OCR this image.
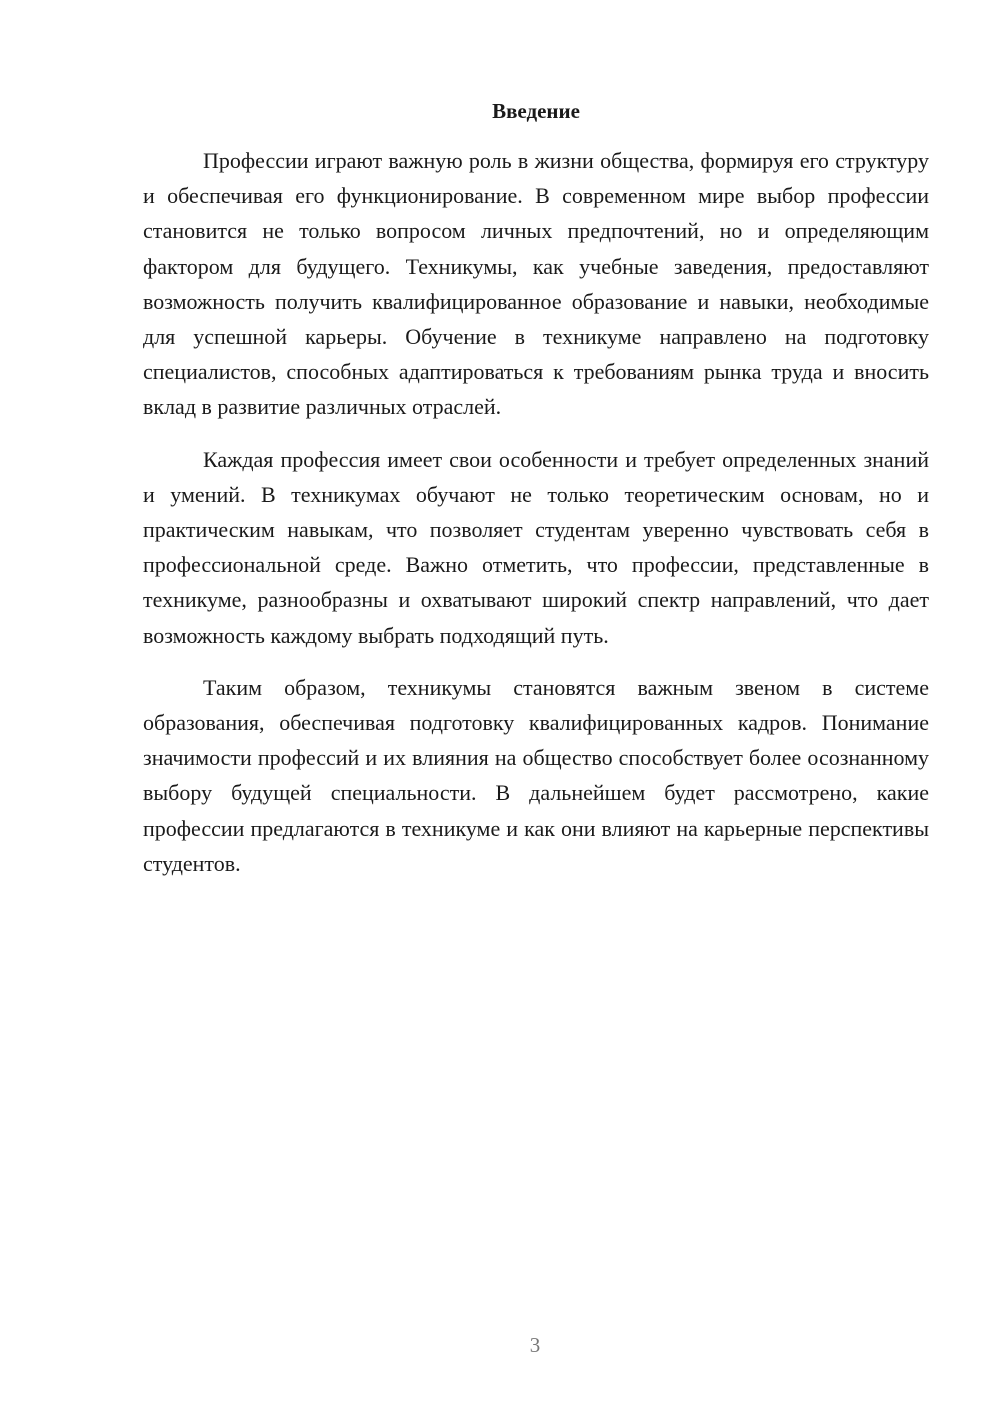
Введение

Профессии играют важную роль в жизни общества, формируя его структуру и обеспечивая его функционирование. В современном мире выбор профессии становится не только вопросом личных предпочтений, но и определяющим фактором для будущего. Техникумы, как учебные заведения, предоставляют возможность получить квалифицированное образование и навыки, необходимые для успешной карьеры. Обучение в техникуме направлено на подготовку специалистов, способных адаптироваться к требованиям рынка труда и вносить вклад в развитие различных отраслей.

Каждая профессия имеет свои особенности и требует определенных знаний и умений. В техникумах обучают не только теоретическим основам, но и практическим навыкам, что позволяет студентам уверенно чувствовать себя в профессиональной среде. Важно отметить, что профессии, представленные в техникуме, разнообразны и охватывают широкий спектр направлений, что дает возможность каждому выбрать подходящий путь.

Таким образом, техникумы становятся важным звеном в системе образования, обеспечивая подготовку квалифицированных кадров. Понимание значимости профессий и их влияния на общество способствует более осознанному выбору будущей специальности. В дальнейшем будет рассмотрено, какие профессии предлагаются в техникуме и как они влияют на карьерные перспективы студентов.

3
